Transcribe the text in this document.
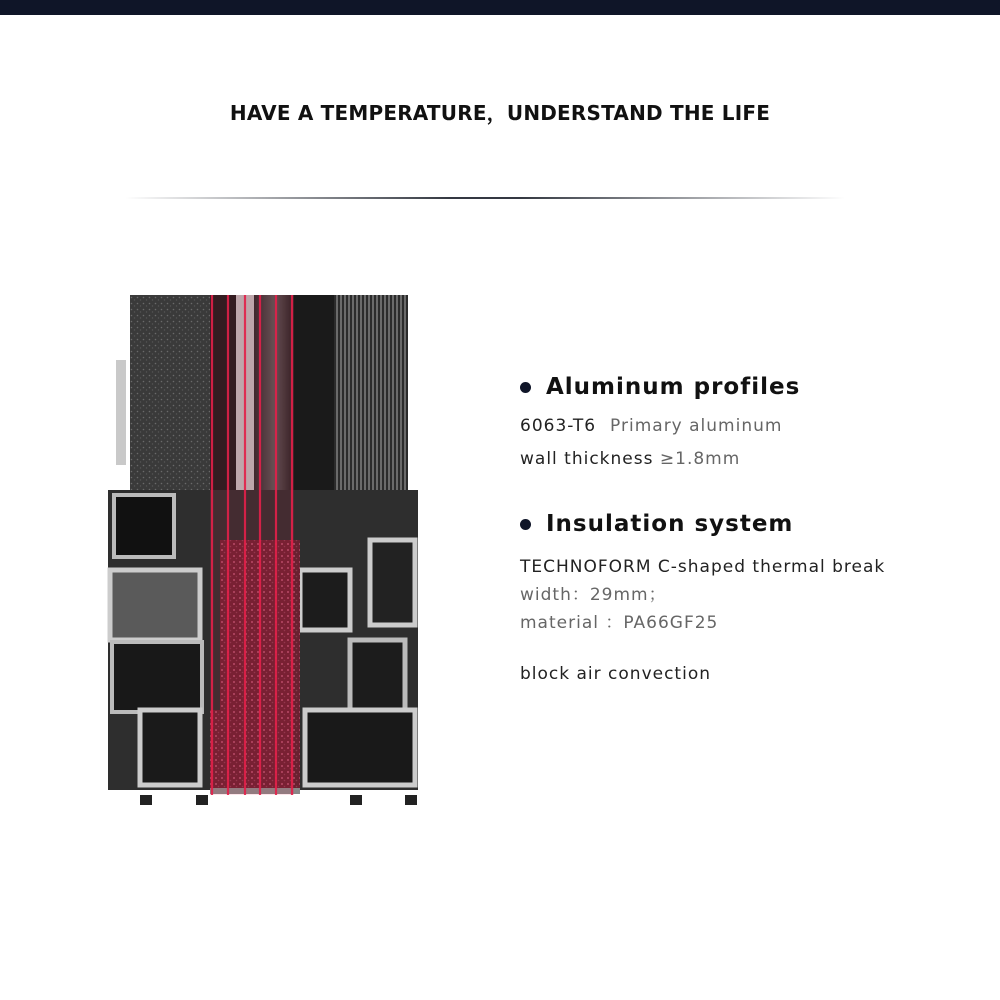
HAVE A TEMPERATURE，UNDERSTAND THE LIFE
Aluminum profiles
6063-T6 Primary aluminum
wall thickness ≥1.8mm
Insulation system
TECHNOFORM C-shaped thermal break
width：29mm；
material ：PA66GF25
block air convection
